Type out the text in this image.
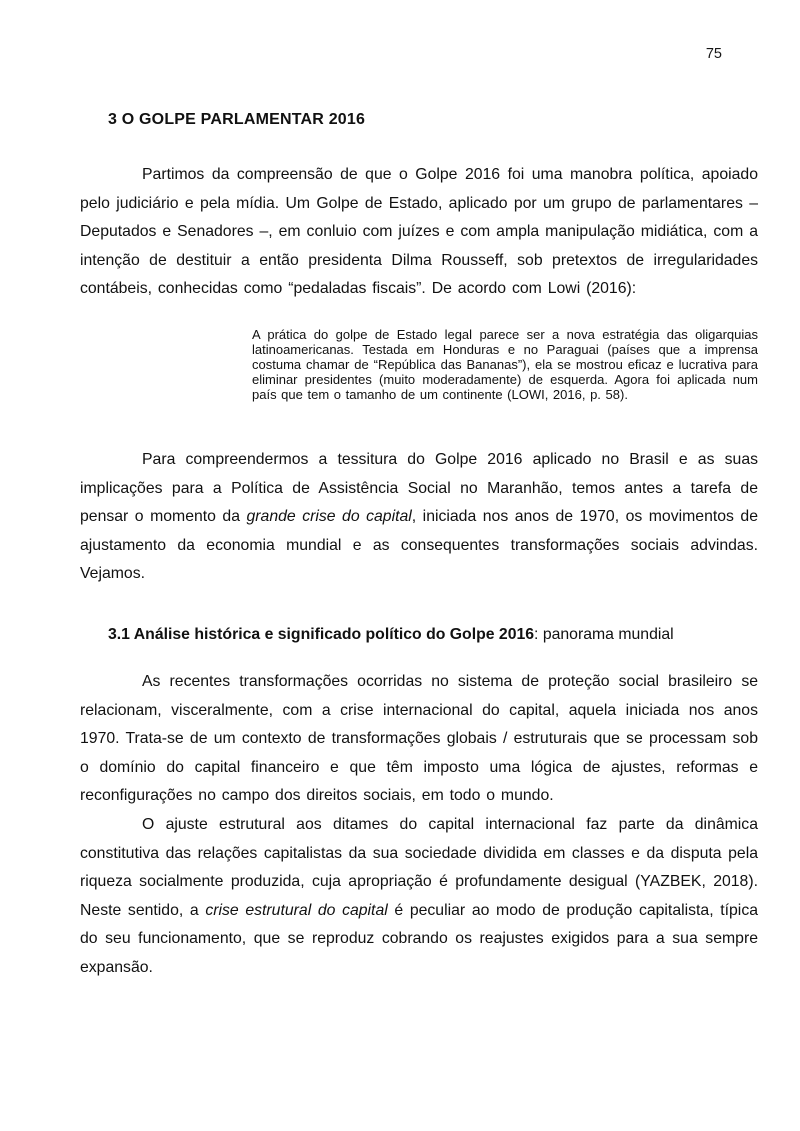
75
3 O GOLPE PARLAMENTAR 2016

Partimos da compreensão de que o Golpe 2016 foi uma manobra política, apoiado pelo judiciário e pela mídia. Um Golpe de Estado, aplicado por um grupo de parlamentares – Deputados e Senadores –, em conluio com juízes e com ampla manipulação midiática, com a intenção de destituir a então presidenta Dilma Rousseff, sob pretextos de irregularidades contábeis, conhecidas como “pedaladas fiscais”. De acordo com Lowi (2016):

A prática do golpe de Estado legal parece ser a nova estratégia das oligarquias latinoamericanas. Testada em Honduras e no Paraguai (países que a imprensa costuma chamar de “República das Bananas”), ela se mostrou eficaz e lucrativa para eliminar presidentes (muito moderadamente) de esquerda. Agora foi aplicada num país que tem o tamanho de um continente (LOWI, 2016, p. 58).

Para compreendermos a tessitura do Golpe 2016 aplicado no Brasil e as suas implicações para a Política de Assistência Social no Maranhão, temos antes a tarefa de pensar o momento da grande crise do capital, iniciada nos anos de 1970, os movimentos de ajustamento da economia mundial e as consequentes transformações sociais advindas. Vejamos.

3.1 Análise histórica e significado político do Golpe 2016: panorama mundial

As recentes transformações ocorridas no sistema de proteção social brasileiro se relacionam, visceralmente, com a crise internacional do capital, aquela iniciada nos anos 1970. Trata-se de um contexto de transformações globais / estruturais que se processam sob o domínio do capital financeiro e que têm imposto uma lógica de ajustes, reformas e reconfigurações no campo dos direitos sociais, em todo o mundo.

O ajuste estrutural aos ditames do capital internacional faz parte da dinâmica constitutiva das relações capitalistas da sua sociedade dividida em classes e da disputa pela riqueza socialmente produzida, cuja apropriação é profundamente desigual (YAZBEK, 2018). Neste sentido, a crise estrutural do capital é peculiar ao modo de produção capitalista, típica do seu funcionamento, que se reproduz cobrando os reajustes exigidos para a sua sempre expansão.
